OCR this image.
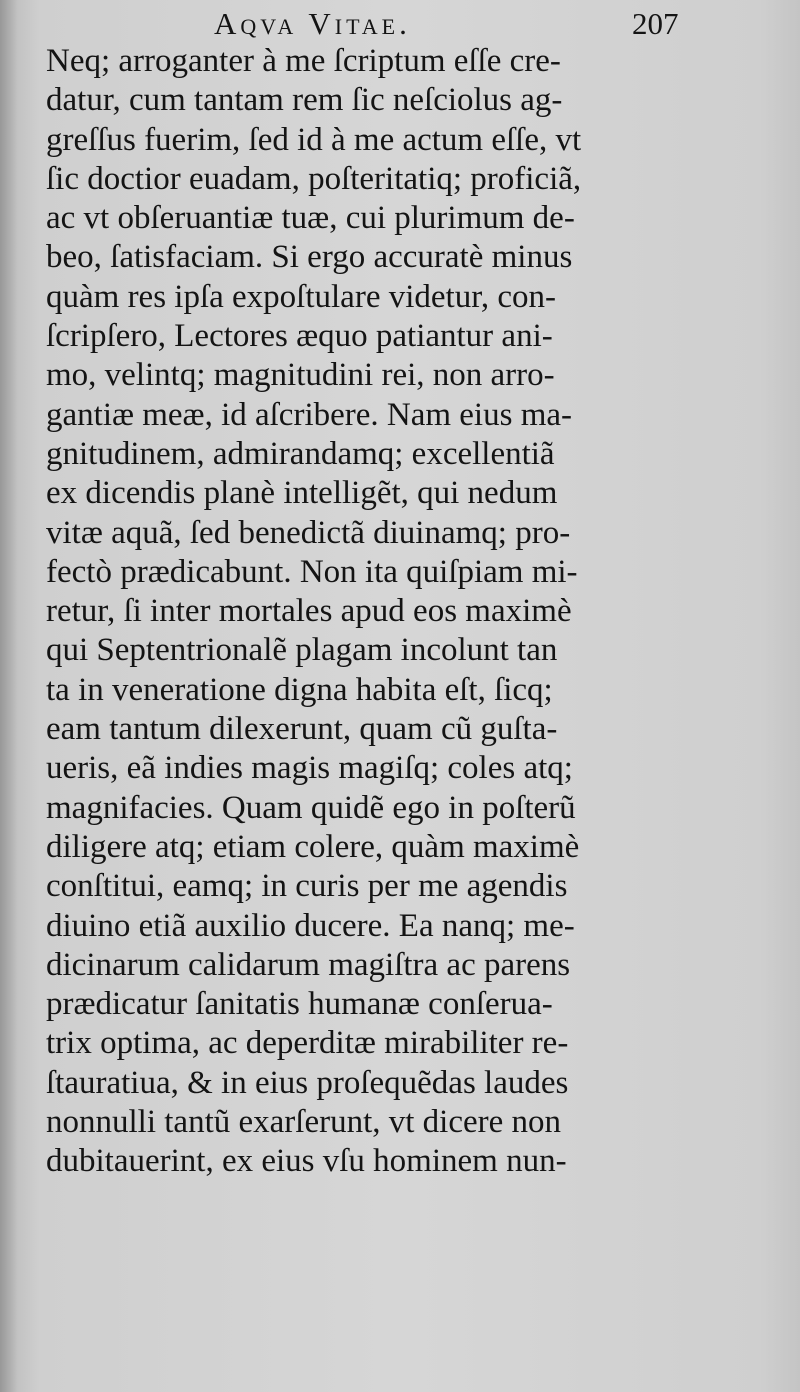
Aqva Vitae.	207
Neq; arroganter à me ſcriptum eſſe cre-
datur, cum tantam rem ſic neſciolus ag-
greſſus fuerim, ſed id à me actum eſſe, vt
ſic doctior euadam, poſteritatiq; proficiã,
ac vt obſeruantiæ tuæ, cui plurimum de-
beo, ſatisfaciam. Si ergo accuratè minus
quàm res ipſa expoſtulare videtur, con-
ſcripſero, Lectores æquo patiantur ani-
mo, velintq; magnitudini rei, non arro-
gantiæ meæ, id aſcribere. Nam eius ma-
gnitudinem, admirandamq; excellentiã
ex dicendis planè intelligẽt, qui nedum
vitæ aquã, ſed benedictã diuinamq; pro-
fectò prædicabunt. Non ita quiſpiam mi-
retur, ſi inter mortales apud eos maximè
qui Septentrionalẽ plagam incolunt tan
ta in veneratione digna habita eſt, ſicq;
eam tantum dilexerunt, quam cũ guſta-
ueris, eã indies magis magiſq; coles atq;
magnifacies. Quam quidẽ ego in poſterũ
diligere atq; etiam colere, quàm maximè
conſtitui, eamq; in curis per me agendis
diuino etiã auxilio ducere. Ea nanq; me-
dicinarum calidarum magiſtra ac parens
prædicatur ſanitatis humanæ conſerua-
trix optima, ac deperditæ mirabiliter re-
ſtauratiua, & in eius proſequẽdas laudes
nonnulli tantũ exarſerunt, vt dicere non
dubitauerint, ex eius vſu hominem nun-
